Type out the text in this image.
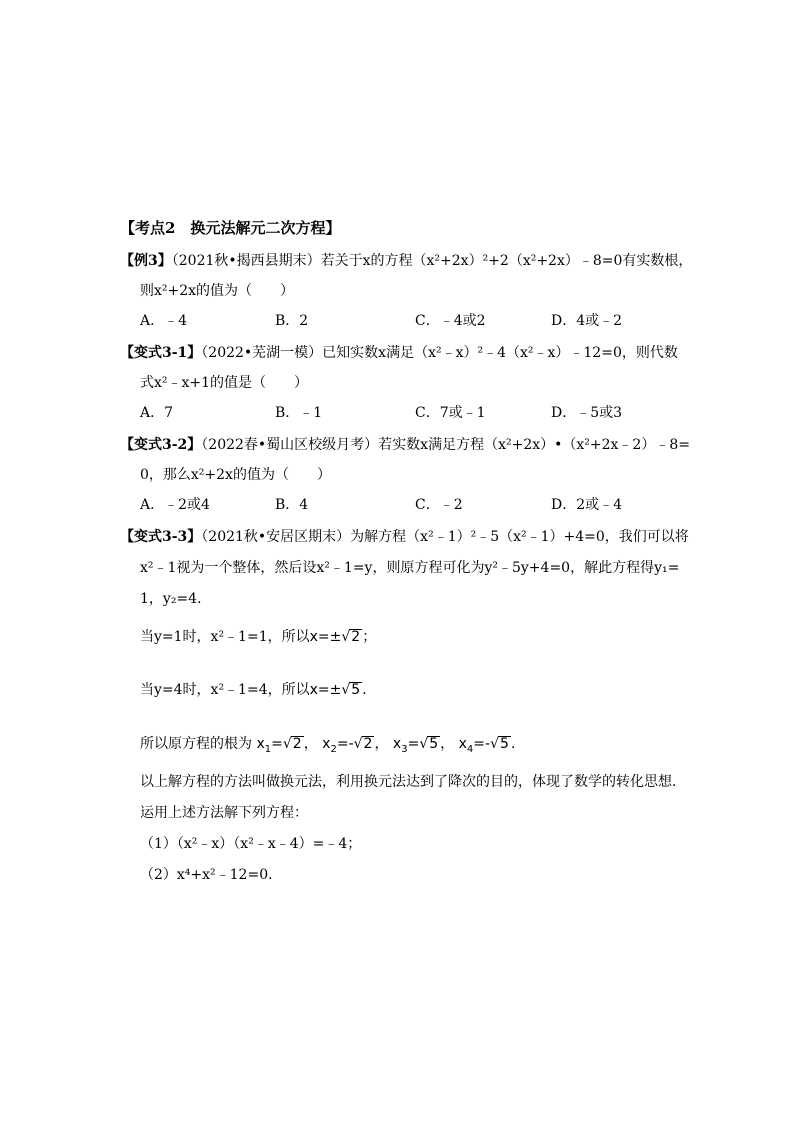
【考点2　换元法解元二次方程】
【例3】（2021秋•揭西县期末）若关于x的方程（x²+2x）²+2（x²+2x）﹣8=0有实数根，
则x²+2x的值为（　　）
A．﹣4	B．2	C．﹣4或2	D．4或﹣2
【变式3-1】（2022•芜湖一模）已知实数x满足（x²﹣x）²﹣4（x²﹣x）﹣12=0，则代数
式x²﹣x+1的值是（　　）
A．7	B．﹣1	C．7或﹣1	D．﹣5或3
【变式3-2】（2022春•蜀山区校级月考）若实数x满足方程（x²+2x）•（x²+2x﹣2）﹣8=
0，那么x²+2x的值为（　　）
A．﹣2或4	B．4	C．﹣2	D．2或﹣4
【变式3-3】（2021秋•安居区期末）为解方程（x²﹣1）²﹣5（x²﹣1）+4=0，我们可以将
x²﹣1视为一个整体，然后设x²﹣1=y，则原方程可化为y²﹣5y+4=0，解此方程得y₁=
1，y₂=4．
当y=1时，x²﹣1=1，所以x=±√2 ；
当y=4时，x²﹣1=4，所以x=±√5 ．
所以原方程的根为 $x_1=√2$ ， $x_2=-√2$ ， $x_3=√5$ ， $x_4=-√5$ ．
以上解方程的方法叫做换元法，利用换元法达到了降次的目的，体现了数学的转化思想．
运用上述方法解下列方程：
（1）（x²﹣x）（x²﹣x﹣4）=﹣4；
（2）x⁴+x²﹣12=0．
